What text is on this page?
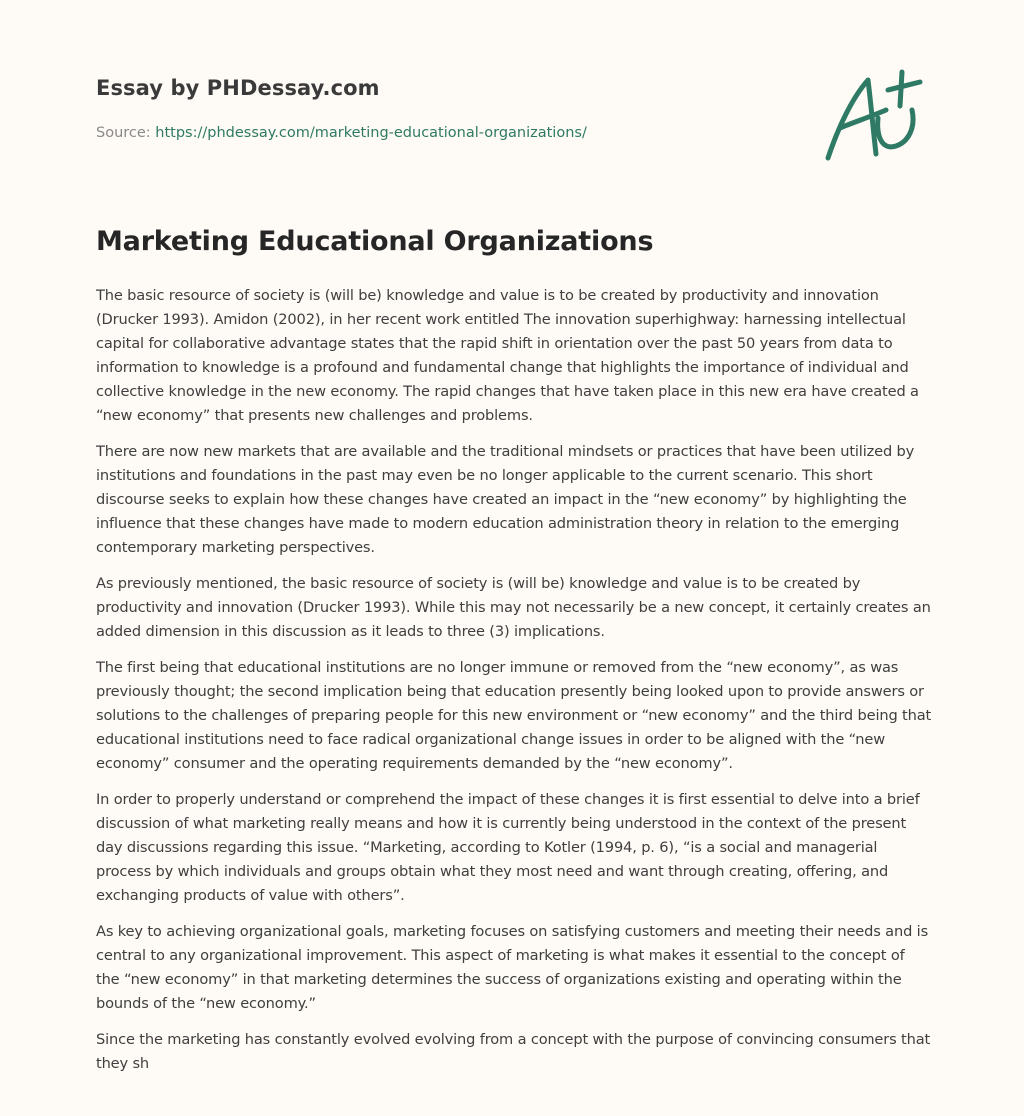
Essay by PHDessay.com
Source: https://phdessay.com/marketing-educational-organizations/
Marketing Educational Organizations

The basic resource of society is (will be) knowledge and value is to be created by productivity and innovation (Drucker 1993). Amidon (2002), in her recent work entitled The innovation superhighway: harnessing intellectual capital for collaborative advantage states that the rapid shift in orientation over the past 50 years from data to information to knowledge is a profound and fundamental change that highlights the importance of individual and collective knowledge in the new economy. The rapid changes that have taken place in this new era have created a “new economy” that presents new challenges and problems.

There are now new markets that are available and the traditional mindsets or practices that have been utilized by institutions and foundations in the past may even be no longer applicable to the current scenario. This short discourse seeks to explain how these changes have created an impact in the “new economy” by highlighting the influence that these changes have made to modern education administration theory in relation to the emerging contemporary marketing perspectives.

As previously mentioned, the basic resource of society is (will be) knowledge and value is to be created by productivity and innovation (Drucker 1993). While this may not necessarily be a new concept, it certainly creates an added dimension in this discussion as it leads to three (3) implications.

The first being that educational institutions are no longer immune or removed from the “new economy”, as was previously thought; the second implication being that education presently being looked upon to provide answers or solutions to the challenges of preparing people for this new environment or “new economy” and the third being that educational institutions need to face radical organizational change issues in order to be aligned with the “new economy” consumer and the operating requirements demanded by the “new economy”.

In order to properly understand or comprehend the impact of these changes it is first essential to delve into a brief discussion of what marketing really means and how it is currently being understood in the context of the present day discussions regarding this issue. “Marketing, according to Kotler (1994, p. 6), “is a social and managerial process by which individuals and groups obtain what they most need and want through creating, offering, and exchanging products of value with others”.

As key to achieving organizational goals, marketing focuses on satisfying customers and meeting their needs and is central to any organizational improvement. This aspect of marketing is what makes it essential to the concept of the “new economy” in that marketing determines the success of organizations existing and operating within the bounds of the “new economy.”

Since the marketing has constantly evolved evolving from a concept with the purpose of convincing consumers that they sh
